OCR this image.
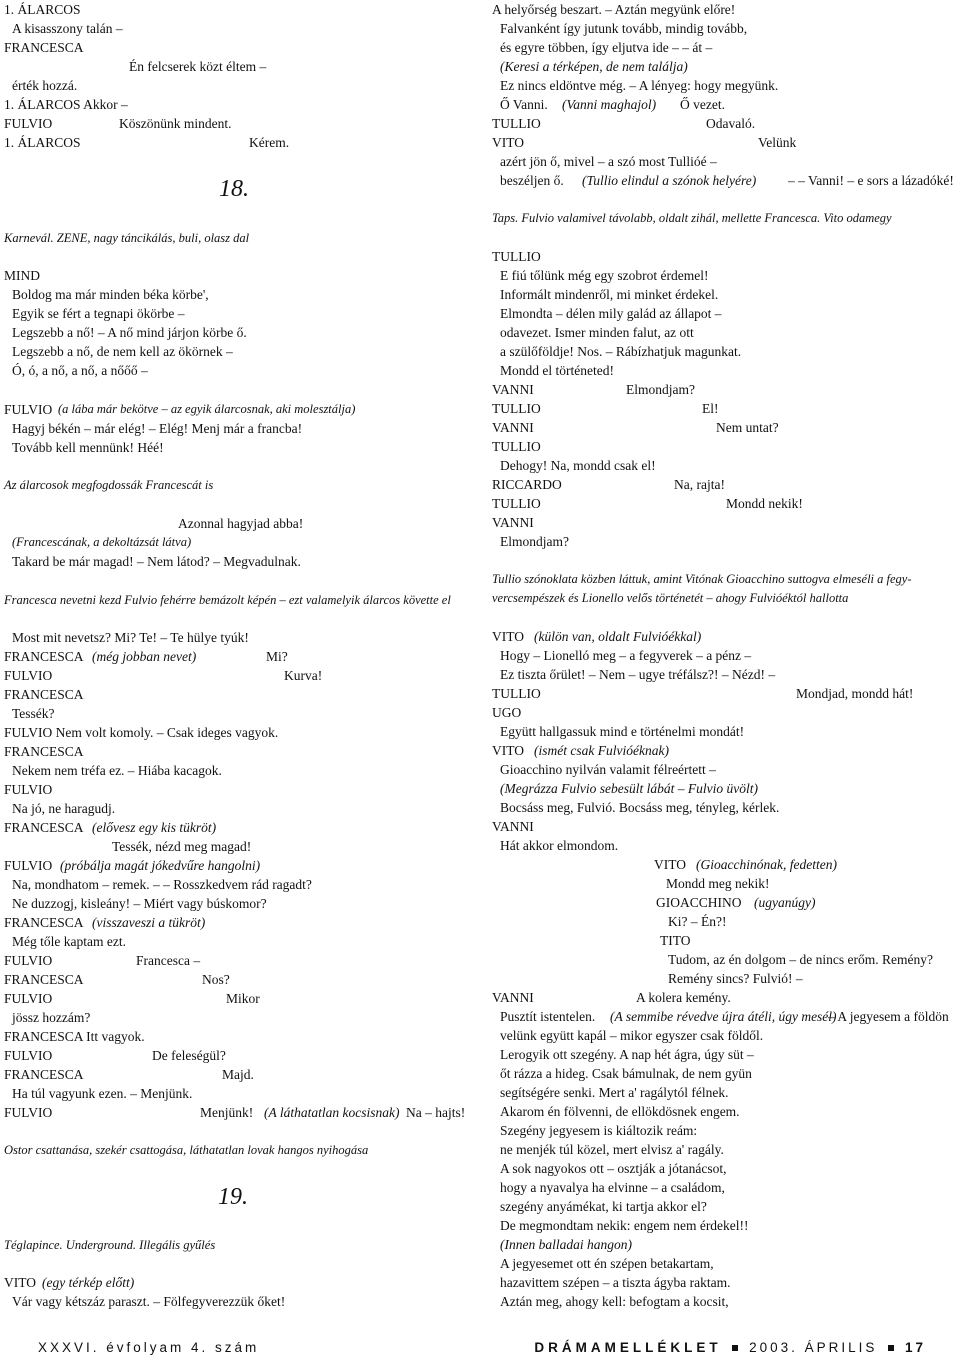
1. ÁLARCOS
A kisasszony talán –
FRANCESCA
Én felcserek közt éltem –
érték hozzá.
1. ÁLARCOS Akkor –
FULVIO	Köszönünk mindent.
1. ÁLARCOS	Kérem.
18.
Karnevál. ZENE, nagy táncikálás, buli, olasz dal
MIND
Boldog ma már minden béka körbe',
Egyik se fért a tegnapi ökörbe –
Legszebb a nő! – A nő mind járjon körbe ő.
Legszebb a nő, de nem kell az ökörnek –
Ó, ó, a nő, a nő, a nőőő –
FULVIO (a lába már bekötve – az egyik álarcosnak, aki molesztálja)
Hagyj békén – már elég! – Elég! Menj már a francba!
Tovább kell mennünk! Héé!
Az álarcosok megfogdossák Francescát is
Azonnal hagyjad abba!
(Francescának, a dekoltázsát látva)
Takard be már magad! – Nem látod? – Megvadulnak.
Francesca nevetni kezd Fulvio fehérre bemázolt képén – ezt valamelyik álarcos követte el
Most mit nevetsz? Mi? Te! – Te hülye tyúk!
FRANCESCA (még jobban nevet)	Mi?
FULVIO	Kurva!
FRANCESCA
Tessék?
FULVIO Nem volt komoly. – Csak ideges vagyok.
FRANCESCA
Nekem nem tréfa ez. – Hiába kacagok.
FULVIO
Na jó, ne haragudj.
FRANCESCA (elővesz egy kis tükröt)
Tessék, nézd meg magad!
FULVIO (próbálja magát jókedvűre hangolni)
Na, mondhatom – remek. – – Rosszkedvem rád ragadt?
Ne duzzogj, kisleány! – Miért vagy búskomor?
FRANCESCA (visszaveszi a tükröt)
Még tőle kaptam ezt.
FULVIO	Francesca –
FRANCESCA	Nos?
FULVIO	Mikor
jössz hozzám?
FRANCESCA Itt vagyok.
FULVIO	De feleségül?
FRANCESCA	Majd.
Ha túl vagyunk ezen. – Menjünk.
FULVIO	Menjünk! (A láthatatlan kocsisnak) Na – hajts!
Ostor csattanása, szekér csattogása, láthatatlan lovak hangos nyihogása
19.
Téglapince. Underground. Illegális gyűlés
VITO (egy térkép előtt)
Vár vagy kétszáz paraszt. – Fölfegyverezzük őket!
A helyőrség beszart. – Aztán megyünk előre!
Falvanként így jutunk tovább, mindig tovább,
és egyre többen, így eljutva ide – – át –
(Keresi a térképen, de nem találja)
Ez nincs eldöntve még. – A lényeg: hogy megyünk.
Ő Vanni. (Vanni maghajol) Ő vezet.
TULLIO	Odavaló.
VITO	Velünk
azért jön ő, mivel – a szó most Tullióé –
beszéljen ő. (Tullio elindul a szónok helyére) – – Vanni! – e sors a lázadóké!
Taps. Fulvio valamivel távolabb, oldalt zihál, mellette Francesca. Vito odamegy
TULLIO
E fiú tőlünk még egy szobrot érdemel!
Informált mindenről, mi minket érdekel.
Elmondta – délen mily galád az állapot –
odavezet. Ismer minden falut, az ott
a szülőföldje! Nos. – Rábízhatjuk magunkat.
Mondd el történeted!
VANNI	Elmondjam?
TULLIO	El!
VANNI	Nem untat?
TULLIO
Dehogy! Na, mondd csak el!
RICCARDO	Na, rajta!
TULLIO	Mondd nekik!
VANNI
Elmondjam?
Tullio szónoklata közben láttuk, amint Vitónak Gioacchino suttogva elmeséli a fegy-
vercsempészek és Lionello velős történetét – ahogy Fulvióéktól hallotta
VITO (külön van, oldalt Fulvióékkal)
Hogy – Lionelló meg – a fegyverek – a pénz –
Ez tiszta őrület! – Nem – ugye tréfálsz?! – Nézd! –
TULLIO	Mondjad, mondd hát!
UGO
Együtt hallgassuk mind e történelmi mondát!
VITO (ismét csak Fulvióéknak)
Gioacchino nyilván valamit félreértett –
(Megrázza Fulvio sebesült lábát – Fulvio üvölt)
Bocsáss meg, Fulvió. Bocsáss meg, tényleg, kérlek.
VANNI
Hát akkor elmondom.
VITO (Gioacchinónak, fedetten)
Mondd meg nekik!
GIOACCHINO (ugyanúgy)
Ki? – Én?!
TITO
Tudom, az én dolgom – de nincs erőm. Remény?
Remény sincs? Fulvió! –
VANNI	A kolera kemény.
Pusztít istentelen. (A semmibe révedve újra átéli, úgy mesél)
– A jegyesem a földön
velünk együtt kapál – mikor egyszer csak földől.
Lerogyik ott szegény. A nap hét ágra, úgy süt –
őt rázza a hideg. Csak bámulnak, de nem gyün
segítségére senki. Mert a' ragálytól félnek.
Akarom én fölvenni, de ellökdösnek engem.
Szegény jegyesem is kiáltozik reám:
ne menjék túl közel, mert elvisz a' ragály.
A sok nagyokos ott – osztják a jótanácsot,
hogy a nyavalya ha elvinne – a családom,
szegény anyámékat, ki tartja akkor el?
De megmondtam nekik: engem nem érdekel!!
(Innen balladai hangon)
A jegyesemet ott én szépen betakartam,
hazavittem szépen – a tiszta ágyba raktam.
Aztán meg, ahogy kell: befogtam a kocsit,
XXXVI. évfolyam 4. szám	DRÁMAMELLÉKLET 2003. ÁPRILIS 17
